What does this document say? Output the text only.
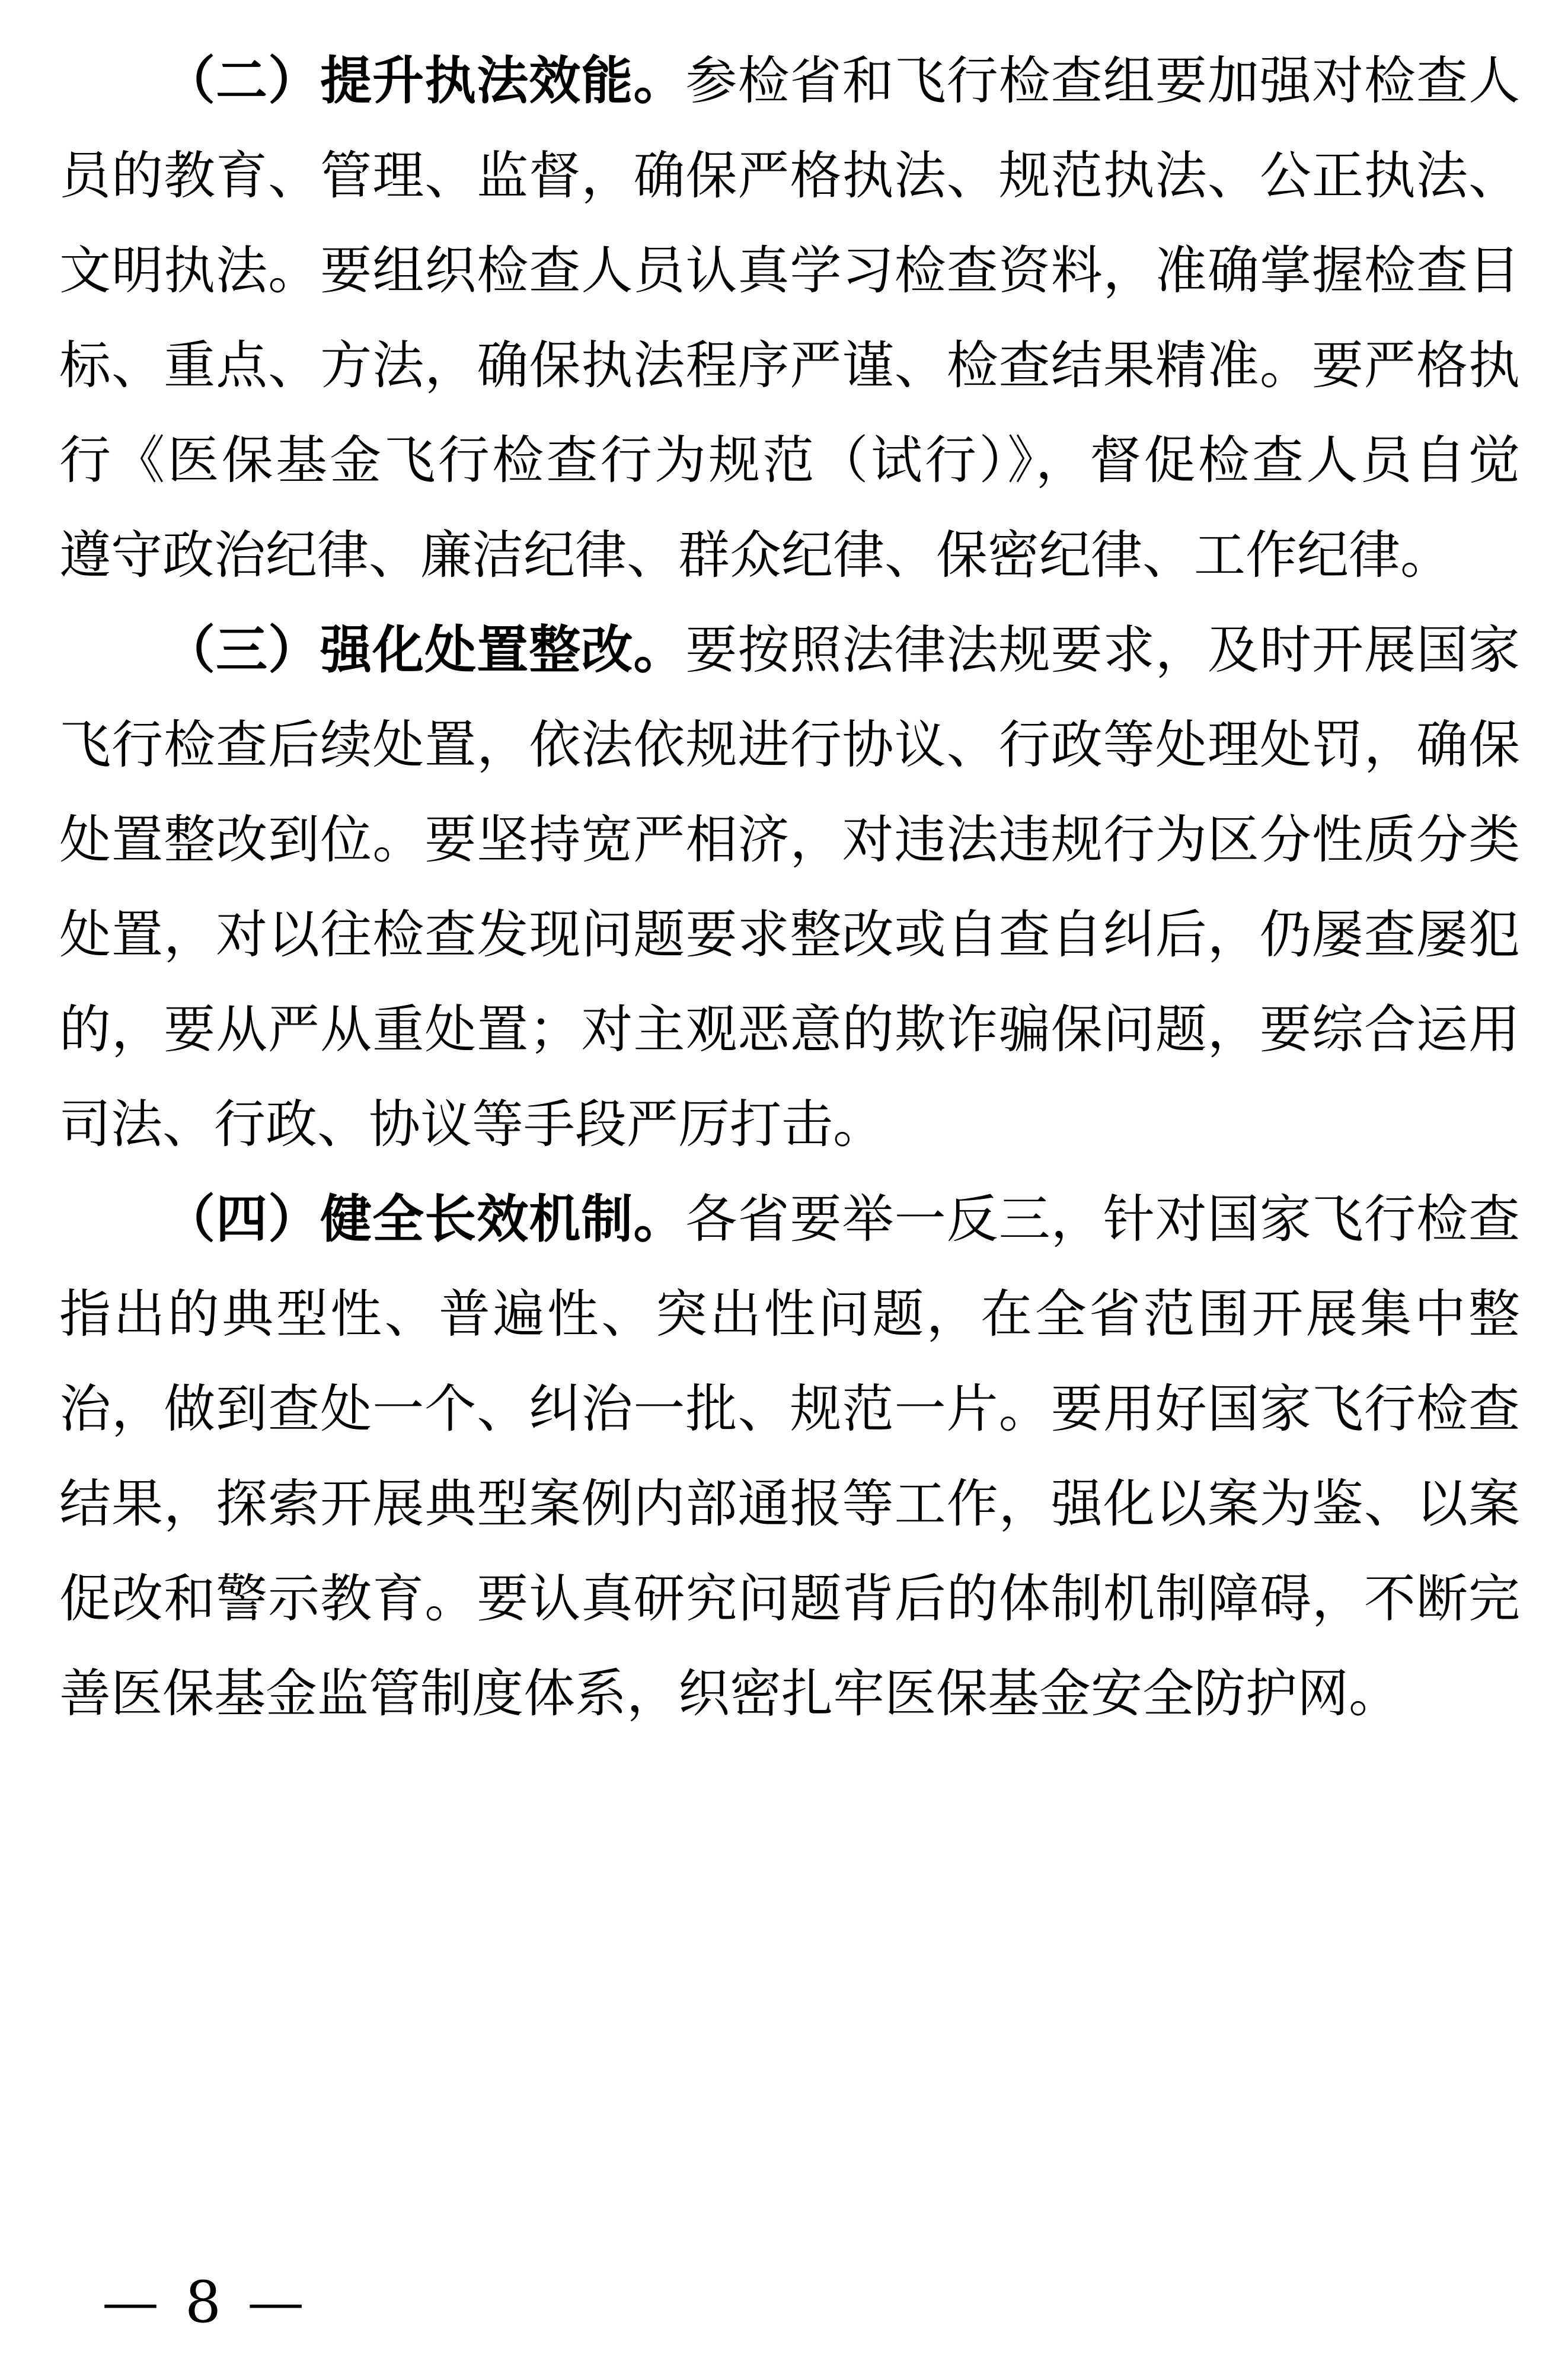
（二）提升执法效能。参检省和飞行检查组要加强对检查人
员的教育、管理、监督，确保严格执法、规范执法、公正执法、
文明执法。要组织检查人员认真学习检查资料，准确掌握检查目
标、重点、方法，确保执法程序严谨、检查结果精准。要严格执
行《医保基金飞行检查行为规范（试行）》，督促检查人员自觉
遵守政治纪律、廉洁纪律、群众纪律、保密纪律、工作纪律。
（三）强化处置整改。要按照法律法规要求，及时开展国家
飞行检查后续处置，依法依规进行协议、行政等处理处罚，确保
处置整改到位。要坚持宽严相济，对违法违规行为区分性质分类
处置，对以往检查发现问题要求整改或自查自纠后，仍屡查屡犯
的，要从严从重处置；对主观恶意的欺诈骗保问题，要综合运用
司法、行政、协议等手段严厉打击。
（四）健全长效机制。各省要举一反三，针对国家飞行检查
指出的典型性、普遍性、突出性问题，在全省范围开展集中整
治，做到查处一个、纠治一批、规范一片。要用好国家飞行检查
结果，探索开展典型案例内部通报等工作，强化以案为鉴、以案
促改和警示教育。要认真研究问题背后的体制机制障碍，不断完
善医保基金监管制度体系，织密扎牢医保基金安全防护网。
— 8 —
